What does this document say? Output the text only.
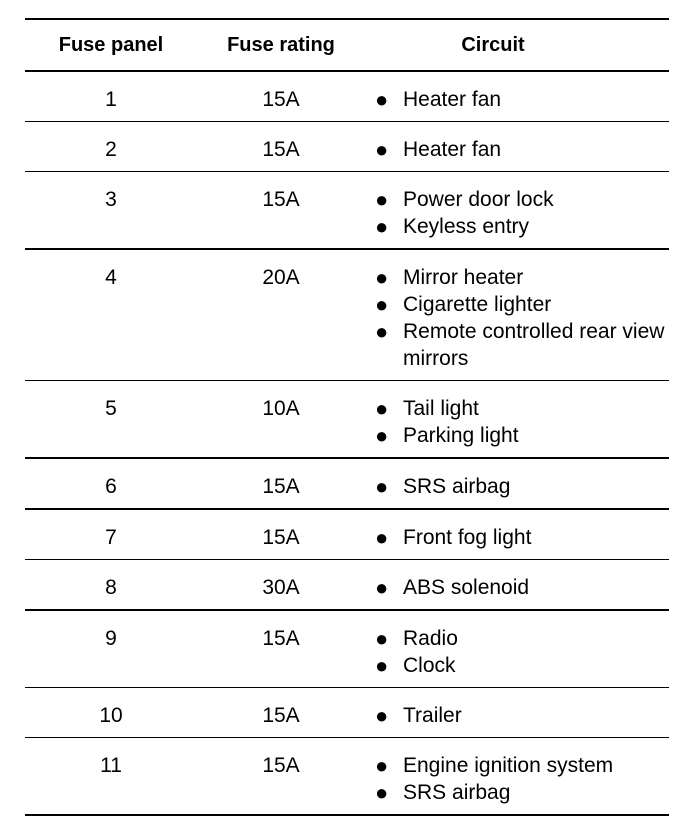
Fuse panel	Fuse rating	Circuit
1	15A	● Heater fan
2	15A	● Heater fan
3	15A	● Power door lock
● Keyless entry
4	20A	● Mirror heater
● Cigarette lighter
● Remote controlled rear view mirrors
5	10A	● Tail light
● Parking light
6	15A	● SRS airbag
7	15A	● Front fog light
8	30A	● ABS solenoid
9	15A	● Radio
● Clock
10	15A	● Trailer
11	15A	● Engine ignition system
● SRS airbag
